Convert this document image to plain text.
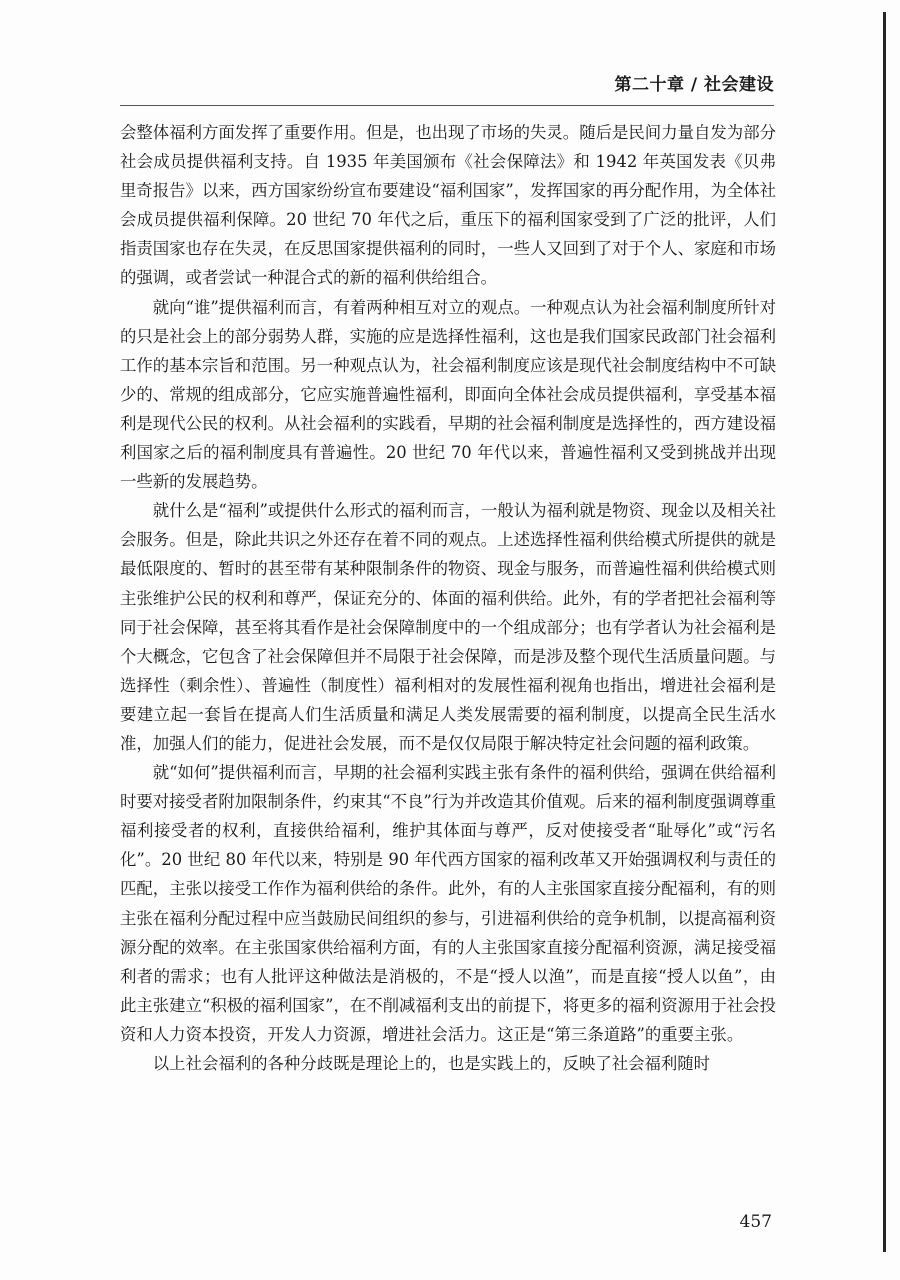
第二十章 / 社会建设

会整体福利方面发挥了重要作用。但是，也出现了市场的失灵。随后是民间力量自发为部分社会成员提供福利支持。自 1935 年美国颁布《社会保障法》和 1942 年英国发表《贝弗里奇报告》以来，西方国家纷纷宣布要建设“福利国家”，发挥国家的再分配作用，为全体社会成员提供福利保障。20 世纪 70 年代之后，重压下的福利国家受到了广泛的批评，人们指责国家也存在失灵，在反思国家提供福利的同时，一些人又回到了对于个人、家庭和市场的强调，或者尝试一种混合式的新的福利供给组合。

就向“谁”提供福利而言，有着两种相互对立的观点。一种观点认为社会福利制度所针对的只是社会上的部分弱势人群，实施的应是选择性福利，这也是我们国家民政部门社会福利工作的基本宗旨和范围。另一种观点认为，社会福利制度应该是现代社会制度结构中不可缺少的、常规的组成部分，它应实施普遍性福利，即面向全体社会成员提供福利，享受基本福利是现代公民的权利。从社会福利的实践看，早期的社会福利制度是选择性的，西方建设福利国家之后的福利制度具有普遍性。20 世纪 70 年代以来，普遍性福利又受到挑战并出现一些新的发展趋势。

就什么是“福利”或提供什么形式的福利而言，一般认为福利就是物资、现金以及相关社会服务。但是，除此共识之外还存在着不同的观点。上述选择性福利供给模式所提供的就是最低限度的、暂时的甚至带有某种限制条件的物资、现金与服务，而普遍性福利供给模式则主张维护公民的权利和尊严，保证充分的、体面的福利供给。此外，有的学者把社会福利等同于社会保障，甚至将其看作是社会保障制度中的一个组成部分；也有学者认为社会福利是个大概念，它包含了社会保障但并不局限于社会保障，而是涉及整个现代生活质量问题。与选择性（剩余性）、普遍性（制度性）福利相对的发展性福利视角也指出，增进社会福利是要建立起一套旨在提高人们生活质量和满足人类发展需要的福利制度，以提高全民生活水准，加强人们的能力，促进社会发展，而不是仅仅局限于解决特定社会问题的福利政策。

就“如何”提供福利而言，早期的社会福利实践主张有条件的福利供给，强调在供给福利时要对接受者附加限制条件，约束其“不良”行为并改造其价值观。后来的福利制度强调尊重福利接受者的权利，直接供给福利，维护其体面与尊严，反对使接受者“耻辱化”或“污名化”。20 世纪 80 年代以来，特别是 90 年代西方国家的福利改革又开始强调权利与责任的匹配，主张以接受工作作为福利供给的条件。此外，有的人主张国家直接分配福利，有的则主张在福利分配过程中应当鼓励民间组织的参与，引进福利供给的竞争机制，以提高福利资源分配的效率。在主张国家供给福利方面，有的人主张国家直接分配福利资源，满足接受福利者的需求；也有人批评这种做法是消极的，不是“授人以渔”，而是直接“授人以鱼”，由此主张建立“积极的福利国家”，在不削减福利支出的前提下，将更多的福利资源用于社会投资和人力资本投资，开发人力资源，增进社会活力。这正是“第三条道路”的重要主张。

以上社会福利的各种分歧既是理论上的，也是实践上的，反映了社会福利随时

457
